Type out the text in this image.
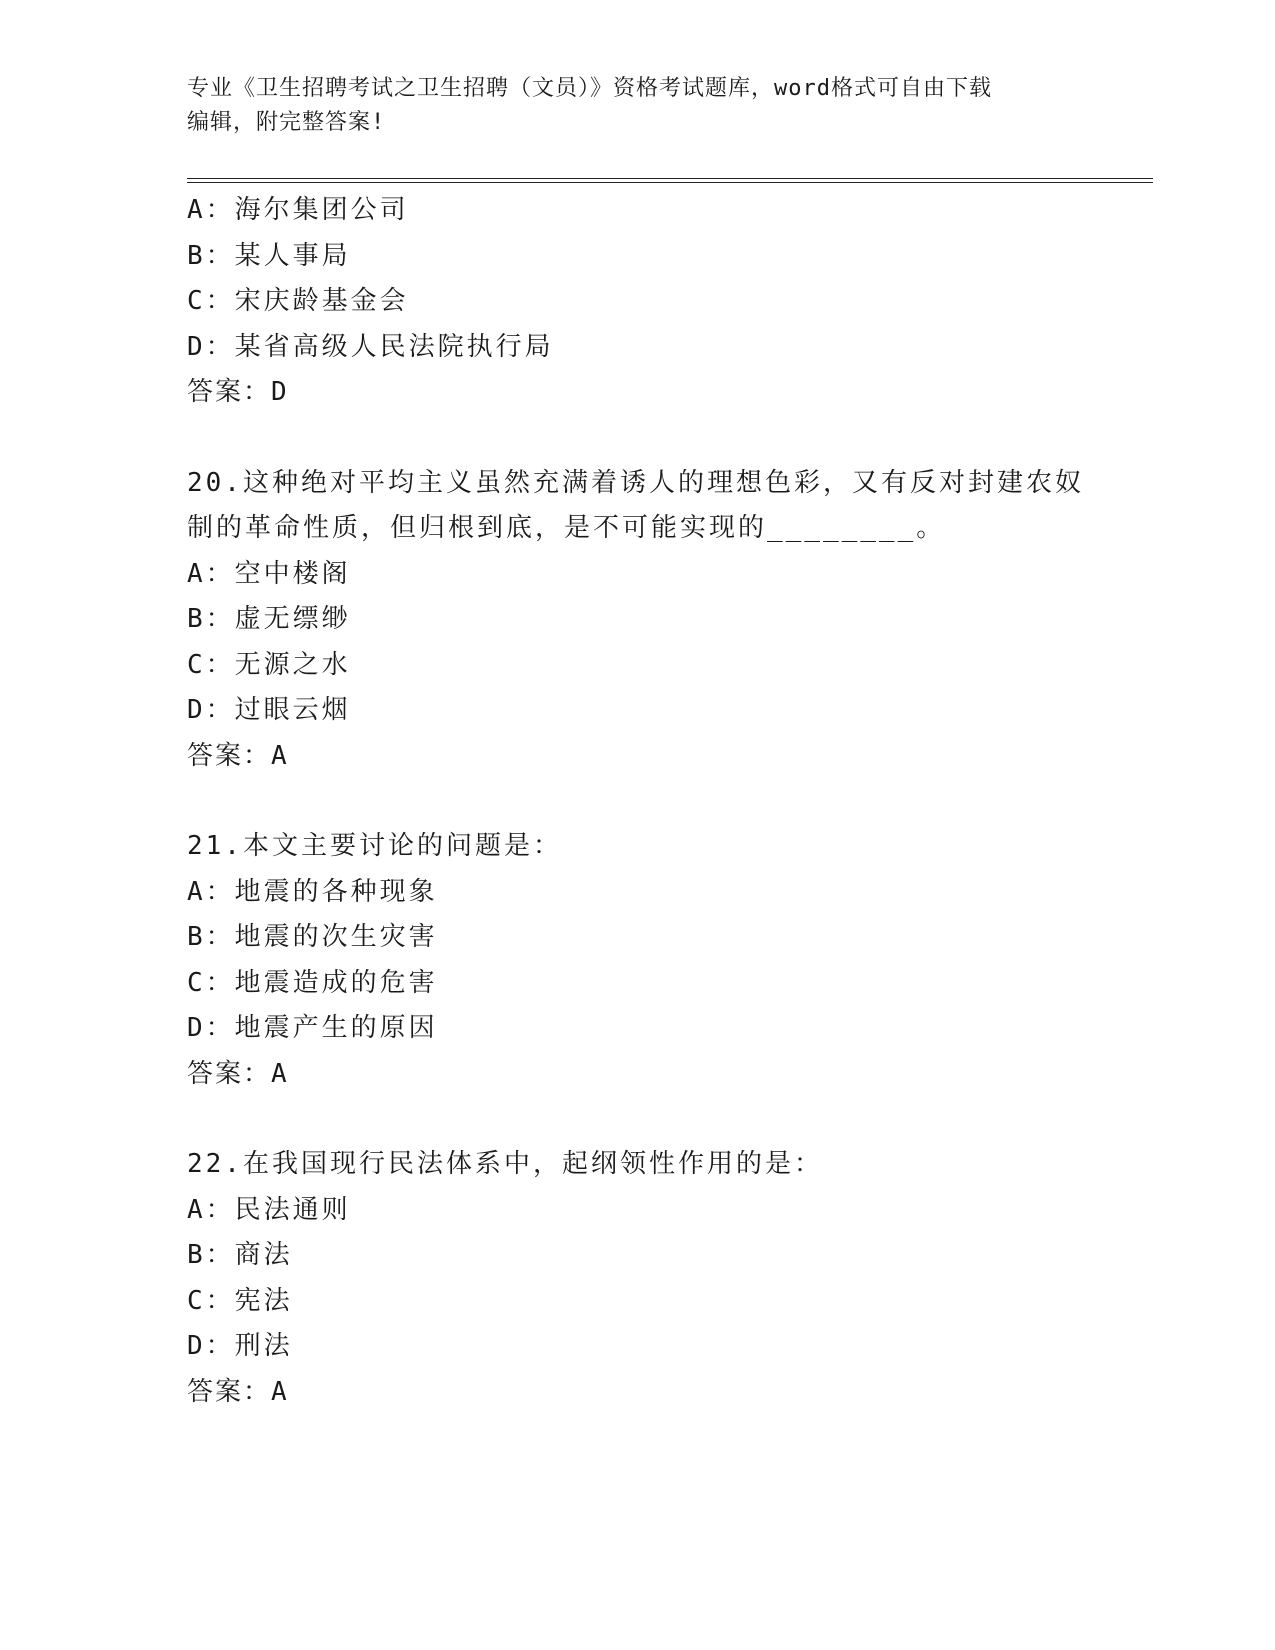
专业《卫生招聘考试之卫生招聘（文员）》资格考试题库，word格式可自由下载
编辑，附完整答案!
A：海尔集团公司
B：某人事局
C：宋庆龄基金会
D：某省高级人民法院执行局
答案：D
20.这种绝对平均主义虽然充满着诱人的理想色彩，又有反对封建农奴
制的革命性质，但归根到底，是不可能实现的________。
A：空中楼阁
B：虚无缥缈
C：无源之水
D：过眼云烟
答案：A
21.本文主要讨论的问题是：
A：地震的各种现象
B：地震的次生灾害
C：地震造成的危害
D：地震产生的原因
答案：A
22.在我国现行民法体系中，起纲领性作用的是：
A：民法通则
B：商法
C：宪法
D：刑法
答案：A
